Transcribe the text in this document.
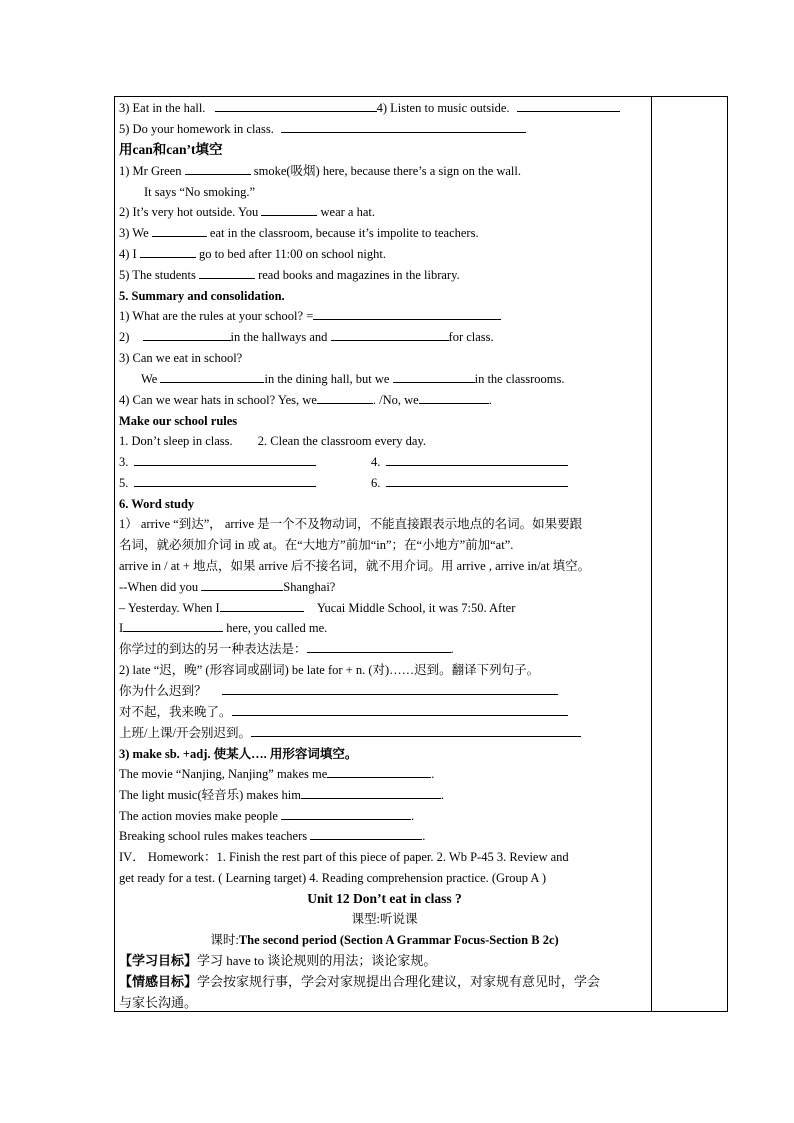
3) Eat in the hall.	4) Listen to music outside.
5) Do your homework in class.
用can和can’t填空
1) Mr Green	smoke(吸烟) here, because there’s a sign on the wall.
It says “No smoking.”
2) It’s very hot outside. You	wear a hat.
3) We	eat in the classroom, because it’s impolite to teachers.
4) I	go to bed after 11:00 on school night.
5) The students	read books and magazines in the library.
5. Summary and consolidation.
1) What are the rules at your school? =
2)	in the hallways and	for class.
3) Can we eat in school?
We	in the dining hall, but we	in the classrooms.
4) Can we wear hats in school? Yes, we	. /No, we	.
Make our school rules
1. Don’t sleep in class. 2. Clean the classroom every day.
3.	4.
5.	6.
6. Word study
1） arrive “到达”， arrive 是一个不及物动词，不能直接跟表示地点的名词。如果要跟
名词，就必须加介词 in 或 at。在“大地方”前加“in”；在“小地方”前加“at”.
arrive in / at + 地点，如果 arrive 后不接名词，就不用介词。用 arrive , arrive in/at 填空。
--When did you	Shanghai?
– Yesterday. When I	Yucai Middle School, it was 7:50. After
I	here, you called me.
你学过的到达的另一种表达法是：	.
2) late “迟，晚” (形容词或副词) be late for + n. (对)……迟到。翻译下列句子。
你为什么迟到？
对不起，我来晚了。
上班/上课/开会别迟到。
3) make sb. +adj. 使某人…. 用形容词填空。
The movie “Nanjing, Nanjing” makes me	.
The light music(轻音乐) makes him	.
The action movies make people	.
Breaking school rules makes teachers	.
IV． Homework：1. Finish the rest part of this piece of paper. 2. Wb P-45 3. Review and
get ready for a test. ( Learning target) 4. Reading comprehension practice. (Group A )
Unit 12 Don’t eat in class ?
课型:听说课
课时:The second period (Section A Grammar Focus-Section B 2c)
【学习目标】学习 have to 谈论规则的用法；谈论家规。
【情感目标】学会按家规行事，学会对家规提出合理化建议，对家规有意见时，学会
与家长沟通。
